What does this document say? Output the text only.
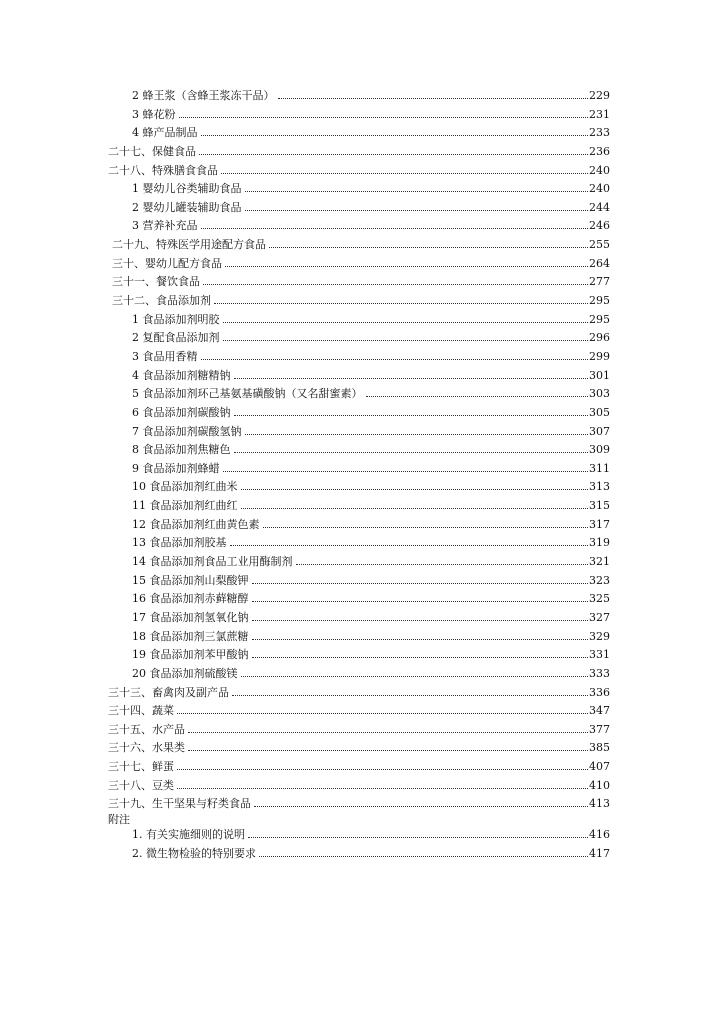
2 蜂王浆（含蜂王浆冻干品）	229
3 蜂花粉	231
4 蜂产品制品	233
二十七、保健食品	236
二十八、特殊膳食食品	240
1 婴幼儿谷类辅助食品	240
2 婴幼儿罐装辅助食品	244
3 营养补充品	246
二十九、特殊医学用途配方食品	255
三十、婴幼儿配方食品	264
三十一、餐饮食品	277
三十二、食品添加剂	295
1 食品添加剂明胶	295
2 复配食品添加剂	296
3 食品用香精	299
4 食品添加剂糖精钠	301
5 食品添加剂环己基氨基磺酸钠（又名甜蜜素）	303
6 食品添加剂碳酸钠	305
7 食品添加剂碳酸氢钠	307
8 食品添加剂焦糖色	309
9 食品添加剂蜂蜡	311
10 食品添加剂红曲米	313
11 食品添加剂红曲红	315
12 食品添加剂红曲黄色素	317
13 食品添加剂胶基	319
14 食品添加剂食品工业用酶制剂	321
15 食品添加剂山梨酸钾	323
16 食品添加剂赤藓糖醇	325
17 食品添加剂氢氧化钠	327
18 食品添加剂三氯蔗糖	329
19 食品添加剂苯甲酸钠	331
20 食品添加剂硫酸镁	333
三十三、畜禽肉及副产品	336
三十四、蔬菜	347
三十五、水产品	377
三十六、水果类	385
三十七、鲜蛋	407
三十八、豆类	410
三十九、生干坚果与籽类食品	413
附注
1. 有关实施细则的说明	416
2. 微生物检验的特别要求	417
